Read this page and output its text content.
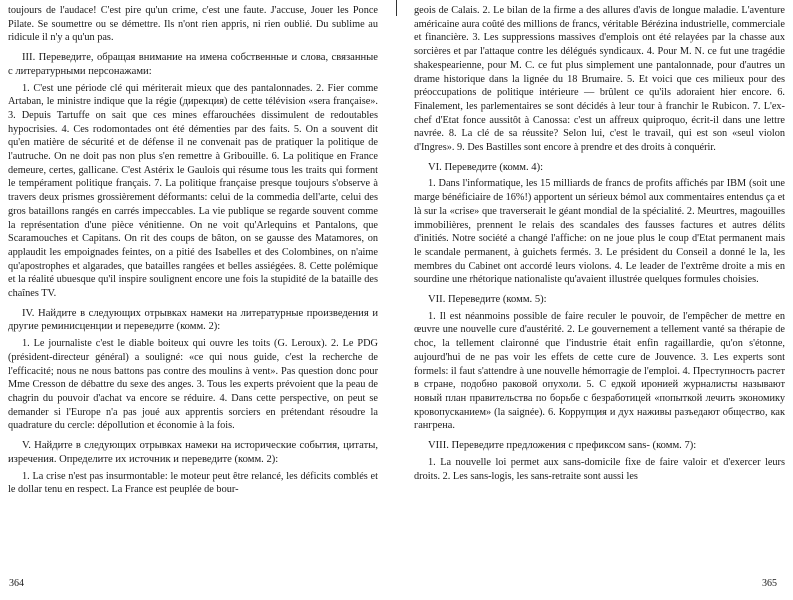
toujours de l'audace! C'est pire qu'un crime, c'est une faute. J'accuse, Jouer les Ponce Pilate. Se soumettre ou se démettre. Ils n'ont rien appris, ni rien oublié. Du sublime au ridicule il n'y a qu'un pas.

III. Переведите, обращая внимание на имена собственные и слова, связанные с литературными персонажами:

1. C'est une période clé qui mériterait mieux que des pantalonnades. 2. Fier comme Artaban, le ministre indique que la régie (дирекция) de cette télévision «sera française». 3. Depuis Tartuffe on sait que ces mines effarouchées dissimulent de redoutables hypocrisies. 4. Ces rodomontades ont été démenties par des faits. 5. On a souvent dit qu'en matière de sécurité et de défense il ne convenait pas de pratiquer la politique de l'autruche. On ne doit pas non plus s'en remettre à Gribouille. 6. La politique en France demeure, certes, gallicane. C'est Astérix le Gaulois qui résume tous les traits qui forment le tempérament politique français. 7. La politique française presque toujours s'observe à travers deux prismes grossièrement déformants: celui de la commedia dell'arte, celui des gros bataillons rangés en carrés impeccables. La vie publique se regarde souvent comme la représentation d'une pièce vénitienne. On ne voit qu'Arlequins et Pantalons, que Scaramouches et Capitans. On rit des coups de bâton, on se gausse des Matamores, on applaudit les empoignades feintes, on a pitié des Isabelles et des Colombines, on n'aime qu'apostrophes et algarades, que batailles rangées et belles assiégées. 8. Cette polémique et la réalité ubuesque qu'il inspire soulignent encore une fois la stupidité de la bataille des chaînes TV.

IV. Найдите в следующих отрывках намеки на литературные произведения и другие реминисценции и переведите (комм. 2):

1. Le journaliste c'est le diable boiteux qui ouvre les toits (G. Leroux). 2. Le PDG (président-directeur général) a souligné: «ce qui nous guide, c'est la recherche de l'efficacité; nous ne nous battons pas contre des moulins à vent». Pas question donc pour Mme Cresson de débattre du sexe des anges. 3. Tous les experts prévoient que la peau de chagrin du pouvoir d'achat va encore se réduire. 4. Dans cette perspective, on peut se demander si l'Europe n'a pas joué aux apprentis sorciers en prétendant résoudre la quadrature du cercle: dépollution et économie à la fois.

V. Найдите в следующих отрывках намеки на исторические события, цитаты, изречения. Определите их источник и переведите (комм. 2):

1. La crise n'est pas insurmontable: le moteur peut être relancé, les déficits comblés et le dollar tenu en respect. La France est peuplée de bour-

geois de Calais. 2. Le bilan de la firme a des allures d'avis de longue maladie. L'aventure américaine aura coûté des millions de francs, véritable Bérézina industrielle, commerciale et financière. 3. Les suppressions massives d'emplois ont été relayées par la chasse aux sorcières et par l'attaque contre les délégués syndicaux. 4. Pour M. N. ce fut une tragédie shakespearienne, pour M. C. ce fut plus simplement une pantalonnade, pour d'autres un drame historique dans la lignée du 18 Brumaire. 5. Et voici que ces milieux pour des préoccupations de politique intérieure — brûlent ce qu'ils adoraient hier encore. 6. Finalement, les parlementaires se sont décidés à leur tour à franchir le Rubicon. 7. L'ex-chef d'Etat fonce aussitôt à Canossa: c'est un affreux quiproquo, écrit-il dans une lettre navrée. 8. La clé de sa réussite? Selon lui, c'est le travail, qui est son «seul violon d'Ingres». 9. Des Bastilles sont encore à prendre et des droits à conquérir.

VI. Переведите (комм. 4):

1. Dans l'informatique, les 15 milliards de francs de profits affichés par IBM (soit une marge bénéficiaire de 16%!) apportent un sérieux bémol aux commentaires entendus ça et là sur la «crise» que traverserait le géant mondial de la spécialité. 2. Meurtres, magouilles immobilières, prennent le relais des scandales des fausses factures et autres délits d'initiés. Notre société a changé l'affiche: on ne joue plus le coup d'Etat permanent mais le scandale permanent, à guichets fermés. 3. Le président du Conseil a donné le la, les membres du Cabinet ont accordé leurs violons. 4. Le leader de l'extrême droite a mis en sourdine une rhétorique nationaliste qu'avaient illustrée quelques formules choisies.

VII. Переведите (комм. 5):

1. Il est néanmoins possible de faire reculer le pouvoir, de l'empêcher de mettre en œuvre une nouvelle cure d'austérité. 2. Le gouvernement a tellement vanté sa thérapie de choc, la tellement claironné que l'industrie était enfin ragaillardie, qu'on s'étonne, aujourd'hui de ne pas voir les effets de cette cure de Jouvence. 3. Les experts sont formels: il faut s'attendre à une nouvelle hémorragie de l'emploi. 4. Преступность растет в стране, подобно раковой опухоли. 5. С едкой иронией журналисты называют новый план правительства по борьбе с безработицей «попыткой лечить экономику кровопусканием» (la saignée). 6. Коррупция и дух наживы разъедают общество, как гангрена.

VIII. Переведите предложения с префиксом sans- (комм. 7):

1. La nouvelle loi permet aux sans-domicile fixe de faire valoir et d'exercer leurs droits. 2. Les sans-logis, les sans-retraite sont aussi les

364	365
